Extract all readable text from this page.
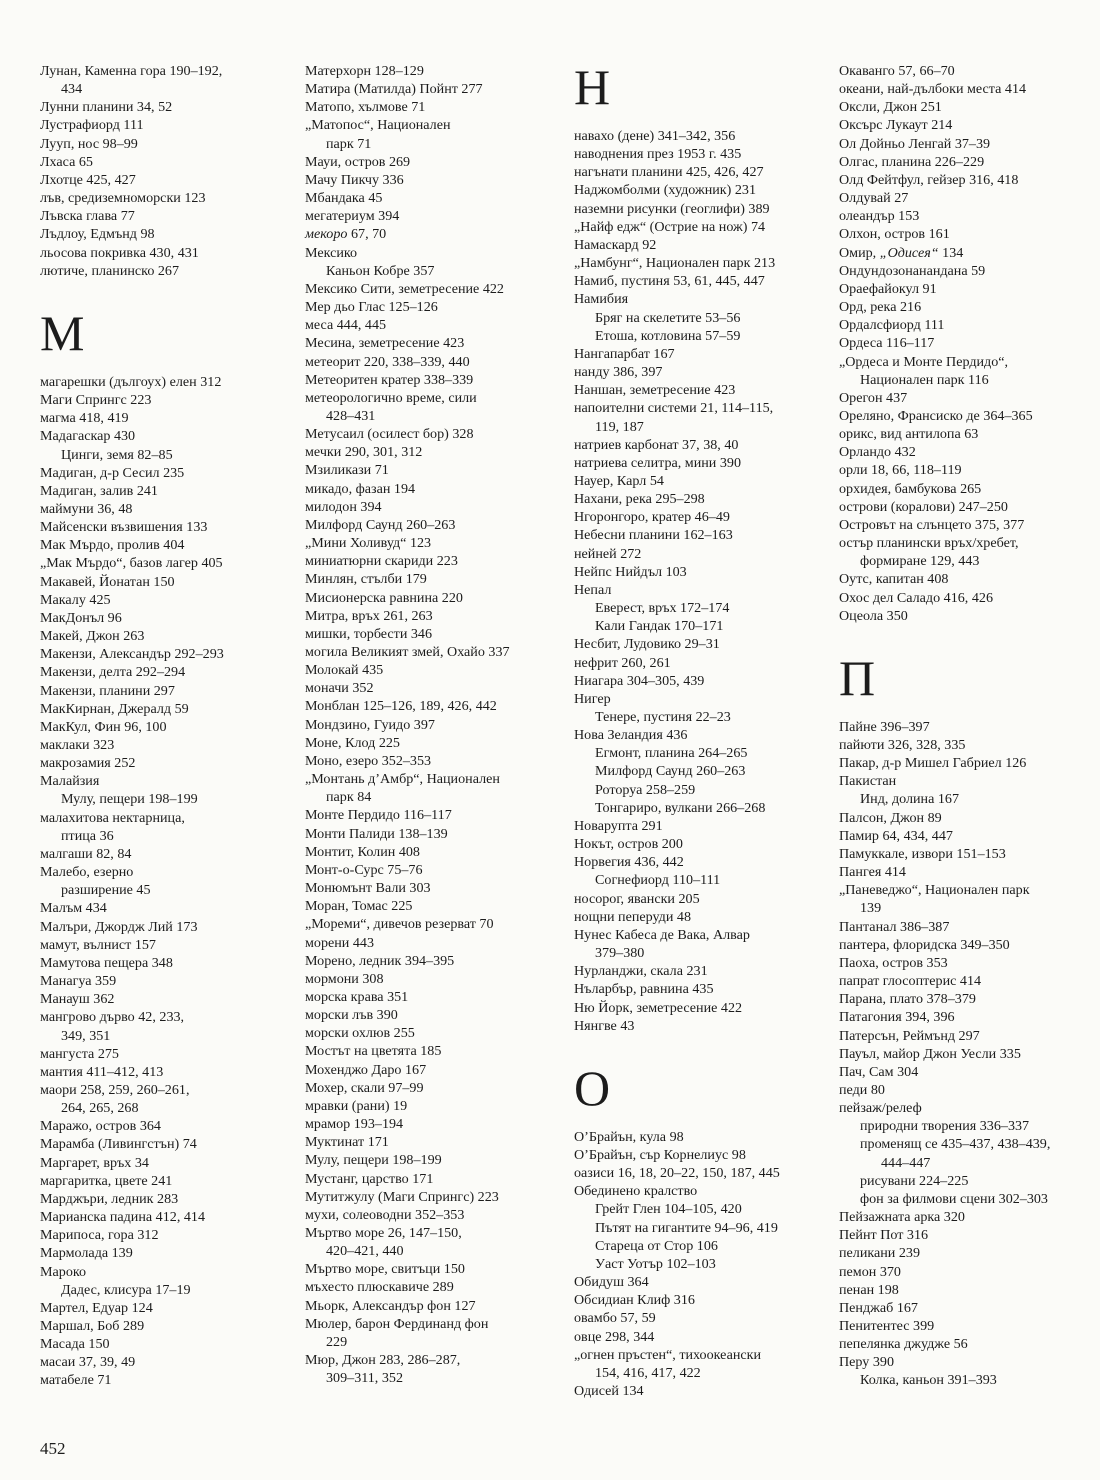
Лунан, Каменна гора 190–192,
434
Лунни планини 34, 52
Лустрафиорд 111
Лууп, нос 98–99
Лхаса 65
Лхотце 425, 427
лъв, средиземноморски 123
Лъвска глава 77
Лъдлоу, Едмънд 98
льосова покривка 430, 431
лютиче, планинско 267
М
магарешки (дългоух) елен 312
Маги Спрингс 223
магма 418, 419
Мадагаскар 430
Цинги, земя 82–85
Мадиган, д-р Сесил 235
Мадиган, залив 241
маймуни 36, 48
Майсенски възвишения 133
Мак Мърдо, пролив 404
„Мак Мърдо“, базов лагер 405
Макавей, Йонатан 150
Макалу 425
МакДонъл 96
Макей, Джон 263
Макензи, Александър 292–293
Макензи, делта 292–294
Макензи, планини 297
МакКирнан, Джералд 59
МакКул, Фин 96, 100
маклаки 323
макрозамия 252
Малайзия
Мулу, пещери 198–199
малахитова нектарница,
птица 36
малгаши 82, 84
Малебо, езерно
разширение 45
Малъм 434
Малъри, Джордж Лий 173
мамут, вълнист 157
Мамутова пещера 348
Манагуа 359
Манауш 362
мангрово дърво 42, 233,
349, 351
мангуста 275
мантия 411–412, 413
маори 258, 259, 260–261,
264, 265, 268
Маражо, остров 364
Марамба (Ливингстън) 74
Маргарет, връх 34
маргаритка, цвете 241
Марджъри, ледник 283
Марианска падина 412, 414
Марипоса, гора 312
Мармолада 139
Мароко
Дадес, клисура 17–19
Мартел, Едуар 124
Маршал, Боб 289
Масада 150
масаи 37, 39, 49
матабеле 71
Матерхорн 128–129
Матира (Матилда) Пойнт 277
Матопо, хълмове 71
„Матопос“, Национален
парк 71
Мауи, остров 269
Мачу Пикчу 336
Мбандака 45
мегатериум 394
мекоро 67, 70
Мексико
Каньон Кобре 357
Мексико Сити, земетресение 422
Мер дьо Глас 125–126
меса 444, 445
Месина, земетресение 423
метеорит 220, 338–339, 440
Метеоритен кратер 338–339
метеорологично време, сили
428–431
Метусаил (осилест бор) 328
мечки 290, 301, 312
Мзиликази 71
микадо, фазан 194
милодон 394
Милфорд Саунд 260–263
„Мини Холивуд“ 123
миниатюрни скариди 223
Минлян, стълби 179
Мисионерска равнина 220
Митра, връх 261, 263
мишки, торбести 346
могила Великият змей, Охайо 337
Молокай 435
моначи 352
Монблан 125–126, 189, 426, 442
Мондзино, Гуидо 397
Моне, Клод 225
Моно, езеро 352–353
„Монтань д’Амбр“, Национален
парк 84
Монте Пердидо 116–117
Монти Палиди 138–139
Монтит, Колин 408
Монт-о-Сурс 75–76
Монюмънт Вали 303
Моран, Томас 225
„Мореми“, дивечов резерват 70
морени 443
Морено, ледник 394–395
мормони 308
морска крава 351
морски лъв 390
морски охлюв 255
Мостът на цветята 185
Мохенджо Даро 167
Мохер, скали 97–99
мравки (рани) 19
мрамор 193–194
Муктинат 171
Мулу, пещери 198–199
Мустанг, царство 171
Мутитжулу (Маги Спрингс) 223
мухи, солеоводни 352–353
Мъртво море 26, 147–150,
420–421, 440
Мъртво море, свитъци 150
мъхесто плюскавиче 289
Мьорк, Александър фон 127
Мюлер, барон Фердинанд фон
229
Мюр, Джон 283, 286–287,
309–311, 352
Н
навахо (дене) 341–342, 356
наводнения през 1953 г. 435
нагънати планини 425, 426, 427
Наджомболми (художник) 231
наземни рисунки (геоглифи) 389
„Найф едж“ (Острие на нож) 74
Намаскард 92
„Намбунг“, Национален парк 213
Намиб, пустиня 53, 61, 445, 447
Намибия
Бряг на скелетите 53–56
Етоша, котловина 57–59
Нангапарбат 167
нанду 386, 397
Наншан, земетресение 423
напоителни системи 21, 114–115,
119, 187
натриев карбонат 37, 38, 40
натриева селитра, мини 390
Науер, Карл 54
Нахани, река 295–298
Нгоронгоро, кратер 46–49
Небесни планини 162–163
нейней 272
Нейпс Нийдъл 103
Непал
Еверест, връх 172–174
Кали Гандак 170–171
Несбит, Лудовико 29–31
нефрит 260, 261
Ниагара 304–305, 439
Нигер
Тенере, пустиня 22–23
Нова Зеландия 436
Егмонт, планина 264–265
Милфорд Саунд 260–263
Роторуа 258–259
Тонгариро, вулкани 266–268
Новарупта 291
Нокът, остров 200
Норвегия 436, 442
Согнефиорд 110–111
носорог, явански 205
нощни пеперуди 48
Нунес Кабеса де Вака, Алвар
379–380
Нурланджи, скала 231
Нъларбър, равнина 435
Ню Йорк, земетресение 422
Нянгве 43
О
О’Брайън, кула 98
О’Брайън, сър Корнелиус 98
оазиси 16, 18, 20–22, 150, 187, 445
Обединено кралство
Грейт Глен 104–105, 420
Пътят на гигантите 94–96, 419
Стареца от Стор 106
Уаст Уотър 102–103
Обидуш 364
Обсидиан Клиф 316
овамбо 57, 59
овце 298, 344
„огнен пръстен“, тихоокеански
154, 416, 417, 422
Одисей 134
Окаванго 57, 66–70
океани, най-дълбоки места 414
Оксли, Джон 251
Оксърс Лукаут 214
Ол Дойньо Ленгай 37–39
Олгас, планина 226–229
Олд Фейтфул, гейзер 316, 418
Олдувай 27
олеандър 153
Олхон, остров 161
Омир, „Одисея“ 134
Ондундозонанандана 59
Ораефайокул 91
Орд, река 216
Ордалсфиорд 111
Ордеса 116–117
„Ордеса и Монте Пердидо“,
Национален парк 116
Орегон 437
Ореляно, Франсиско де 364–365
орикс, вид антилопа 63
Орландо 432
орли 18, 66, 118–119
орхидея, бамбукова 265
острови (коралови) 247–250
Островът на слънцето 375, 377
остър планински връх/хребет,
формиране 129, 443
Оутс, капитан 408
Охос дел Саладо 416, 426
Оцеола 350
П
Пайне 396–397
пайюти 326, 328, 335
Пакар, д-р Мишел Габриел 126
Пакистан
Инд, долина 167
Палсон, Джон 89
Памир 64, 434, 447
Памуккале, извори 151–153
Пангея 414
„Паневеджо“, Национален парк
139
Пантанал 386–387
пантера, флоридска 349–350
Паоха, остров 353
папрат глосоптерис 414
Парана, плато 378–379
Патагония 394, 396
Патерсън, Реймънд 297
Пауъл, майор Джон Уесли 335
Пач, Сам 304
педи 80
пейзаж/релеф
природни творения 336–337
променящ се 435–437, 438–439,
444–447
рисувани 224–225
фон за филмови сцени 302–303
Пейзажната арка 320
Пейнт Пот 316
пеликани 239
пемон 370
пенан 198
Пенджаб 167
Пенитентес 399
пепелянка джудже 56
Перу 390
Колка, каньон 391–393
452
